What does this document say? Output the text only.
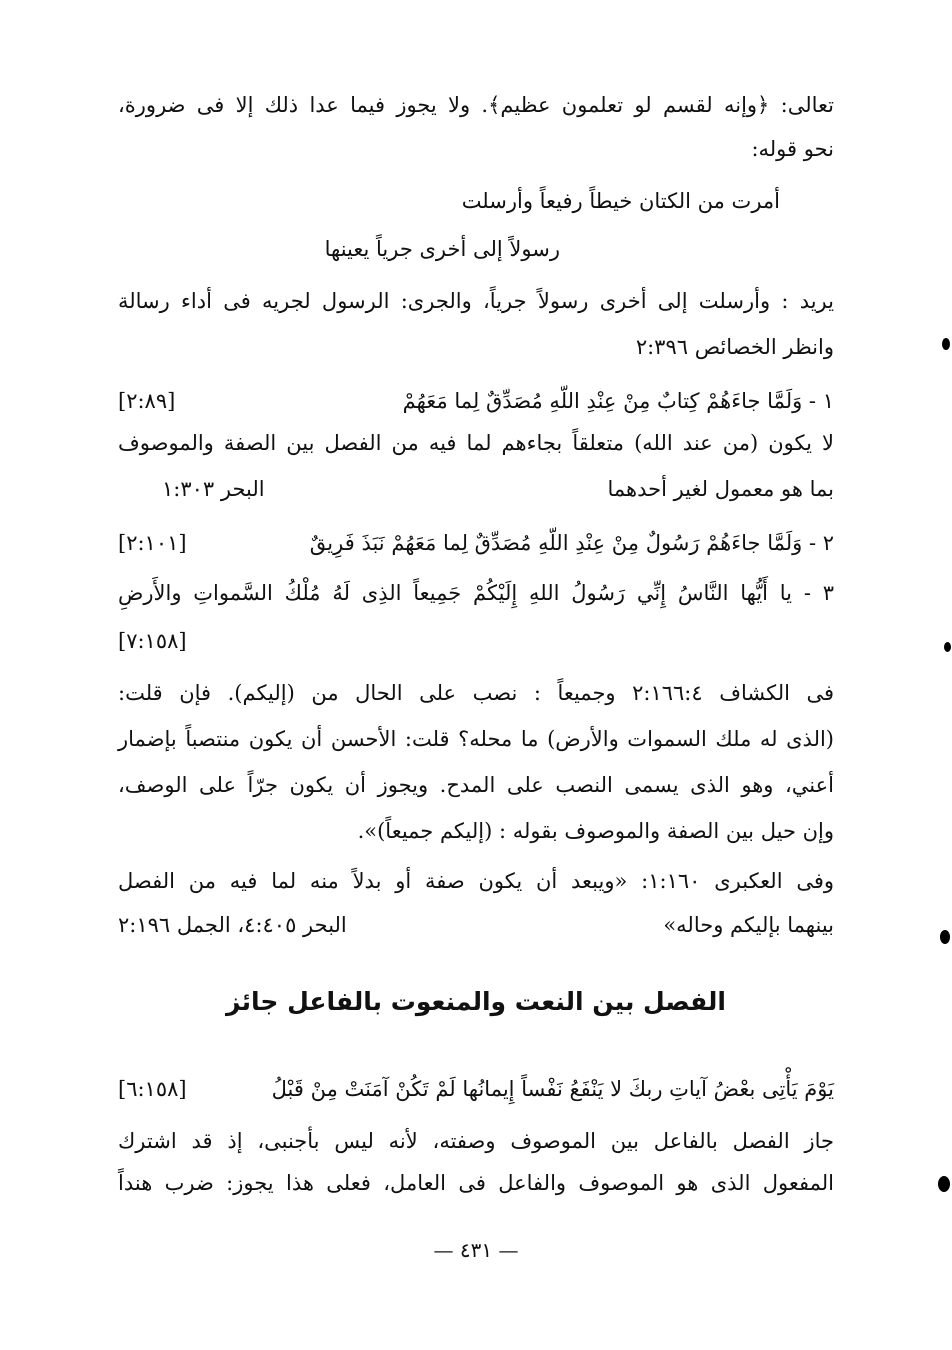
تعالى: ﴿وإنه لقسم لو تعلمون عظيم﴾. ولا يجوز فيما عدا ذلك إلا فى ضرورة،
نحو قوله:
أمرت من الكتان خيطاً رفيعاً وأرسلت
رسولاً إلى أخرى جرياً يعينها
يريد : وأرسلت إلى أخرى رسولاً جرياً، والجرى: الرسول لجريه فى أداء رسالة
وانظر الخصائص ٢:٣٩٦
١ - وَلَمَّا جاءَهُمْ كِتابٌ مِنْ عِنْدِ اللّهِ مُصَدِّقٌ لِما مَعَهُمْ
[٢:٨٩]
لا يكون (من عند الله) متعلقاً بجاءهم لما فيه من الفصل بين الصفة والموصوف
بما هو معمول لغير أحدهما
البحر ١:٣٠٣
٢ - وَلَمَّا جاءَهُمْ رَسُولٌ مِنْ عِنْدِ اللّهِ مُصَدِّقٌ لِما مَعَهُمْ نَبَذَ فَرِيقٌ
[٢:١٠١]
٣ - يا أَيُّها النَّاسُ إِنِّي رَسُولُ اللهِ إِلَيْكُمْ جَمِيعاً الذِى لَهُ مُلْكُ السَّمواتِ والأَرضِ
[٧:١٥٨]
فى الكشاف ٢:١٦٦:٤ وجميعاً : نصب على الحال من (إليكم). فإن قلت:
(الذى له ملك السموات والأرض) ما محله؟ قلت: الأحسن أن يكون منتصباً بإضمار
أعني، وهو الذى يسمى النصب على المدح. ويجوز أن يكون جرّاً على الوصف،
وإن حيل بين الصفة والموصوف بقوله : (إليكم جميعاً)».
وفى العكبرى ١:١٦٠: «ويبعد أن يكون صفة أو بدلاً منه لما فيه من الفصل
بينهما بإليكم وحاله»
البحر ٤:٤٠٥، الجمل ٢:١٩٦
الفصل بين النعت والمنعوت بالفاعل جائز
يَوْمَ يَأْتِى بعْضُ آياتِ ربكَ لا يَنْفَعُ نَفْساً إِيمانُها لَمْ تَكُنْ آمَنَتْ مِنْ قَبْلُ
[٦:١٥٨]
جاز الفصل بالفاعل بين الموصوف وصفته، لأنه ليس بأجنبى، إذ قد اشترك
المفعول الذى هو الموصوف والفاعل فى العامل، فعلى هذا يجوز: ضرب هنداً
— ٤٣١ —
